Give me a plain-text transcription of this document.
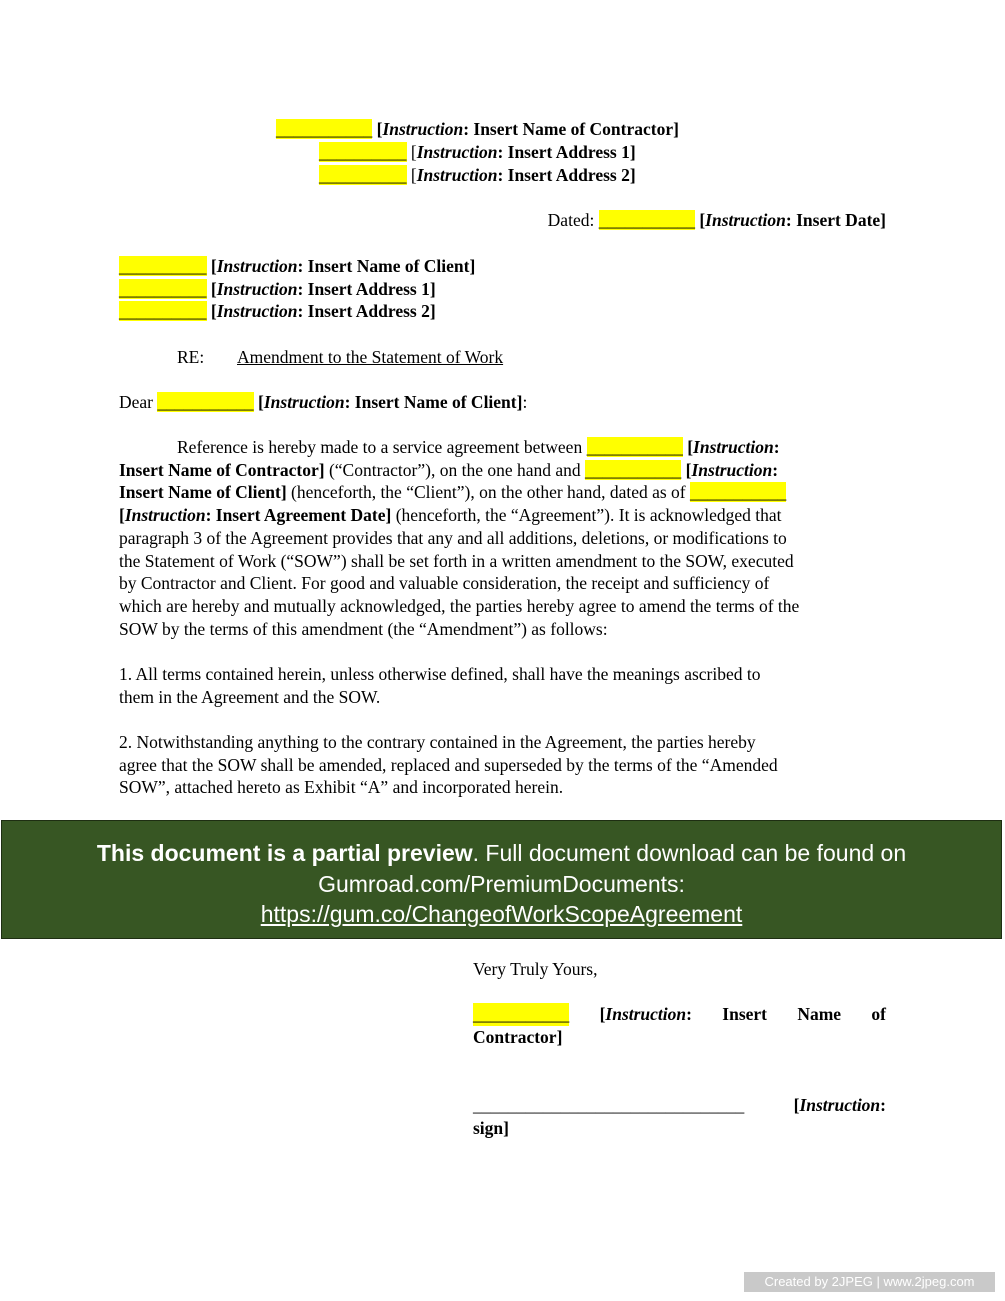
___________ [Instruction: Insert Name of Contractor]
__________ [Instruction: Insert Address 1]
__________ [Instruction: Insert Address 2]
Dated: ___________ [Instruction: Insert Date]
__________ [Instruction: Insert Name of Client]
__________ [Instruction: Insert Address 1]
__________ [Instruction: Insert Address 2]
RE: Amendment to the Statement of Work
Dear ___________ [Instruction: Insert Name of Client]:
Reference is hereby made to a service agreement between ___________ [Instruction:
Insert Name of Contractor] (“Contractor”), on the one hand and ___________ [Instruction:
Insert Name of Client] (henceforth, the “Client”), on the other hand, dated as of ___________
[Instruction: Insert Agreement Date] (henceforth, the “Agreement”). It is acknowledged that
paragraph 3 of the Agreement provides that any and all additions, deletions, or modifications to
the Statement of Work (“SOW”) shall be set forth in a written amendment to the SOW, executed
by Contractor and Client. For good and valuable consideration, the receipt and sufficiency of
which are hereby and mutually acknowledged, the parties hereby agree to amend the terms of the
SOW by the terms of this amendment (the “Amendment”) as follows:
1. All terms contained herein, unless otherwise defined, shall have the meanings ascribed to
them in the Agreement and the SOW.
2. Notwithstanding anything to the contrary contained in the Agreement, the parties hereby
agree that the SOW shall be amended, replaced and superseded by the terms of the “Amended
SOW”, attached hereto as Exhibit “A” and incorporated herein.
This document is a partial preview. Full document download can be found on
Gumroad.com/PremiumDocuments:
https://gum.co/ChangeofWorkScopeAgreement
Very Truly Yours,
___________ [Instruction: Insert Name of
Contractor]
_______________________________	[Instruction:
sign]
Created by 2JPEG | www.2jpeg.com
